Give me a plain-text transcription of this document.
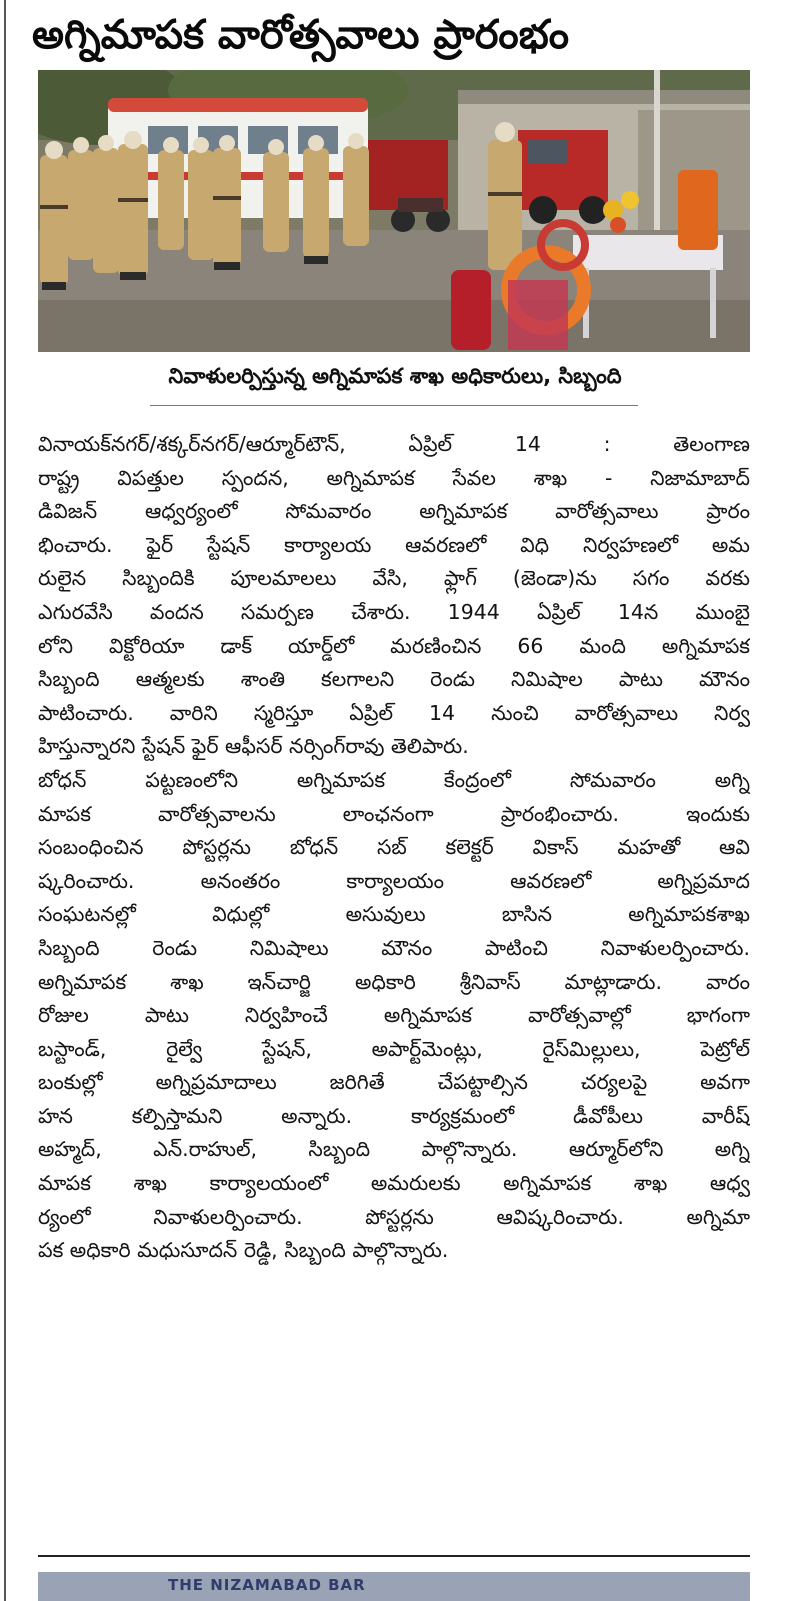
అగ్నిమాపక వారోత్సవాలు ప్రారంభం

నివాళులర్పిస్తున్న అగ్నిమాపక శాఖ అధికారులు, సిబ్బంది

వినాయక్‌నగర్‌/శక్కర్‌నగర్‌/ఆర్మూర్‌టౌన్‌, ఏప్రిల్‌ 14 : తెలంగాణ
రాష్ట్ర విపత్తుల స్పందన, అగ్నిమాపక సేవల శాఖ - నిజామాబాద్‌
డివిజన్‌ ఆధ్వర్యంలో సోమవారం అగ్నిమాపక వారోత్సవాలు ప్రారం
భించారు. ఫైర్‌ స్టేషన్‌ కార్యాలయ ఆవరణలో విధి నిర్వహణలో అమ
రులైన సిబ్బందికి పూలమాలలు వేసి, ఫ్లాగ్‌ (జెండా)ను సగం వరకు
ఎగురవేసి వందన సమర్పణ చేశారు. 1944 ఏప్రిల్‌ 14న ముంబై
లోని విక్టోరియా డాక్‌ యార్డ్‌లో మరణించిన 66 మంది అగ్నిమాపక
సిబ్బంది ఆత్మలకు శాంతి కలగాలని రెండు నిమిషాల పాటు మౌనం
పాటించారు. వారిని స్మరిస్తూ ఏప్రిల్‌ 14 నుంచి వారోత్సవాలు నిర్వ
హిస్తున్నారని స్టేషన్‌ ఫైర్‌ ఆఫీసర్‌ నర్సింగ్‌రావు తెలిపారు.
బోధన్‌ పట్టణంలోని అగ్నిమాపక కేంద్రంలో సోమవారం అగ్ని
మాపక వారోత్సవాలను లాంఛనంగా ప్రారంభించారు. ఇందుకు
సంబంధించిన పోస్టర్లను బోధన్‌ సబ్‌ కలెక్టర్‌ వికాస్‌ మహతో ఆవి
ష్కరించారు. అనంతరం కార్యాలయం ఆవరణలో అగ్నిప్రమాద
సంఘటనల్లో విధుల్లో అసువులు బాసిన అగ్నిమాపకశాఖ
సిబ్బంది రెండు నిమిషాలు మౌనం పాటించి నివాళులర్పించారు.
అగ్నిమాపక శాఖ ఇన్‌చార్జి అధికారి శ్రీనివాస్‌ మాట్లాడారు. వారం
రోజుల పాటు నిర్వహించే అగ్నిమాపక వారోత్సవాల్లో భాగంగా
బస్టాండ్‌, రైల్వే స్టేషన్‌, అపార్ట్‌మెంట్లు, రైస్‌మిల్లులు, పెట్రోల్‌
బంకుల్లో అగ్నిప్రమాదాలు జరిగితే చేపట్టాల్సిన చర్యలపై అవగా
హన కల్పిస్తామని అన్నారు. కార్యక్రమంలో డీవోపీలు వారీష్‌
అహ్మద్‌, ఎన్‌.రాహుల్‌, సిబ్బంది పాల్గొన్నారు. ఆర్మూర్‌లోని అగ్ని
మాపక శాఖ కార్యాలయంలో అమరులకు అగ్నిమాపక శాఖ ఆధ్వ
ర్యంలో నివాళులర్పించారు. పోస్టర్లను ఆవిష్కరించారు. అగ్నిమా
పక అధికారి మధుసూదన్‌ రెడ్డి, సిబ్బంది పాల్గొన్నారు.
THE NIZAMABAD BAR
